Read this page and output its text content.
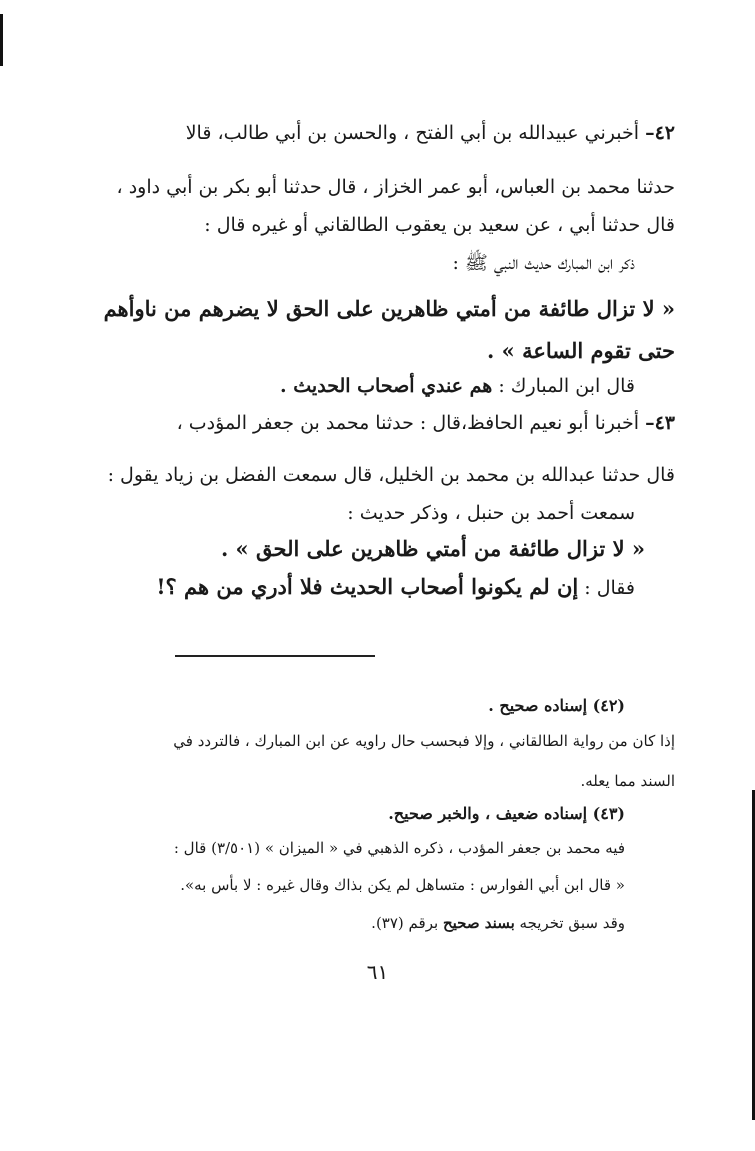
٤٢– أخبرني عبيدالله بن أبي الفتح ، والحسن بن أبي طالب، قالا
حدثنا محمد بن العباس، أبو عمر الخزاز ، قال حدثنا أبو بكر بن أبي داود ،
قال حدثنا أبي ، عن سعيد بن يعقوب الطالقاني أو غيره قال :
ذكر ابن المبارك حديث النبي ﷺ :
« لا تزال طائفة من أمتي ظاهرين على الحق لا يضرهم من ناوأهم
حتى تقوم الساعة » .
قال ابن المبارك : هم عندي أصحاب الحديث .
٤٣– أخبرنا أبو نعيم الحافظ،قال : حدثنا محمد بن جعفر المؤدب ،
قال حدثنا عبدالله بن محمد بن الخليل، قال سمعت الفضل بن زياد يقول :
سمعت أحمد بن حنبل ، وذكر حديث :
« لا تزال طائفة من أمتي ظاهرين على الحق » .
فقال : إن لم يكونوا أصحاب الحديث فلا أدري من هم ؟!
(٤٢) إسناده صحيح .
إذا كان من رواية الطالقاني ، وإلا فبحسب حال راويه عن ابن المبارك ، فالتردد في
السند مما يعله.
(٤٣) إسناده ضعيف ، والخبر صحيح.
فيه محمد بن جعفر المؤدب ، ذكره الذهبي في « الميزان » (٣/٥٠١) قال :
« قال ابن أبي الفوارس : متساهل لم يكن بذاك وقال غيره : لا بأس به».
وقد سبق تخريجه بسند صحيح برقم (٣٧).
٦١
